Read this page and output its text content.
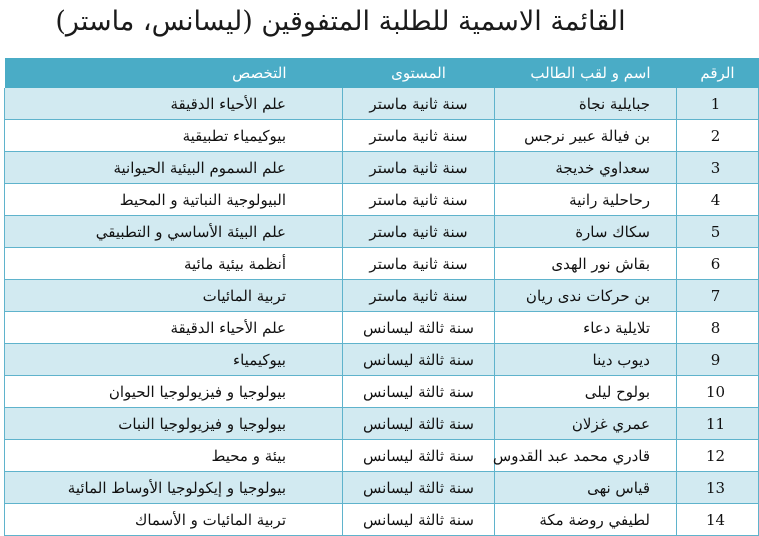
القائمة الاسمية للطلبة المتفوقين (ليسانس، ماستر)
الرقم	اسم و لقب الطالب	المستوى	التخصص
1	جبايلية نجاة	سنة ثانية ماستر	علم الأحياء الدقيقة
2	بن فيالة عبير نرجس	سنة ثانية ماستر	بيوكيمياء تطبيقية
3	سعداوي خديجة	سنة ثانية ماستر	علم السموم البيئية الحيوانية
4	رحاحلية رانية	سنة ثانية ماستر	البيولوجية النباتية و المحيط
5	سكاك سارة	سنة ثانية ماستر	علم البيئة الأساسي و التطبيقي
6	بقاش نور الهدى	سنة ثانية ماستر	أنظمة بيئية مائية
7	بن حركات ندى ريان	سنة ثانية ماستر	تربية المائيات
8	تلايلية دعاء	سنة ثالثة ليسانس	علم الأحياء الدقيقة
9	ديوب دينا	سنة ثالثة ليسانس	بيوكيمياء
10	بولوح ليلى	سنة ثالثة ليسانس	بيولوجيا و فيزيولوجيا الحيوان
11	عمري غزلان	سنة ثالثة ليسانس	بيولوجيا و فيزيولوجيا النبات
12	قادري محمد عبد القدوس	سنة ثالثة ليسانس	بيئة و محيط
13	قياس نهى	سنة ثالثة ليسانس	بيولوجيا و إيكولوجيا الأوساط المائية
14	لطيفي روضة مكة	سنة ثالثة ليسانس	تربية المائيات و الأسماك
